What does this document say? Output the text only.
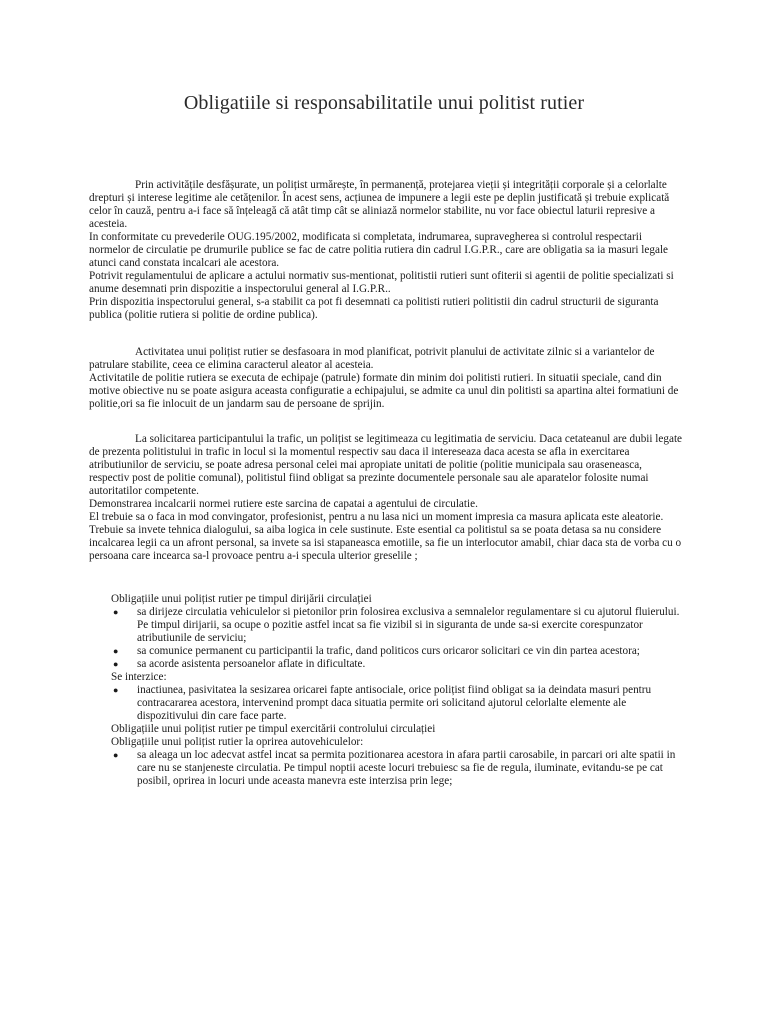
Obligatiile si responsabilitatile unui politist rutier

Prin activitățile desfășurate, un polițist urmărește, în permanență, protejarea vieții și integrității corporale și a celorlalte drepturi și interese legitime ale cetățenilor. În acest sens, acțiunea de impunere a legii este pe deplin justificată și trebuie explicată celor în cauză, pentru a-i face să înțeleagă că atât timp cât se aliniază normelor stabilite, nu vor face obiectul laturii represive a acesteia.

In conformitate cu prevederile OUG.195/2002, modificata si completata, indrumarea, supravegherea si controlul respectarii normelor de circulatie pe drumurile publice se fac de catre politia rutiera din cadrul I.G.P.R., care are obligatia sa ia masuri legale atunci cand constata incalcari ale acestora.

Potrivit regulamentului de aplicare a actului normativ sus-mentionat, politistii rutieri sunt ofiterii si agentii de politie specializati si anume desemnati prin dispozitie a inspectorului general al I.G.P.R..

Prin dispozitia inspectorului general, s-a stabilit ca pot fi desemnati ca politisti rutieri politistii din cadrul structurii de siguranta publica (politie rutiera si politie de ordine publica).

Activitatea unui polițist rutier se desfasoara in mod planificat, potrivit planului de activitate zilnic si a variantelor de patrulare stabilite, ceea ce elimina caracterul aleator al acesteia.

Activitatile de politie rutiera se executa de echipaje (patrule) formate din minim doi politisti rutieri. In situatii speciale, cand din motive obiective nu se poate asigura aceasta configuratie a echipajului, se admite ca unul din politisti sa apartina altei formatiuni de politie,ori sa fie inlocuit de un jandarm sau de persoane de sprijin.

La solicitarea participantului la trafic, un polițist se legitimeaza cu legitimatia de serviciu. Daca cetateanul are dubii legate de prezenta politistului in trafic in locul si la momentul respectiv sau daca il intereseaza daca acesta se afla in exercitarea atributiunilor de serviciu, se poate adresa personal celei mai apropiate unitati de politie (politie municipala sau oraseneasca, respectiv post de politie comunal), politistul fiind obligat sa prezinte documentele personale sau ale aparatelor folosite numai autoritatilor competente.

Demonstrarea incalcarii normei rutiere este sarcina de capatai a agentului de circulatie.

El trebuie sa o faca in mod convingator, profesionist, pentru a nu lasa nici un moment impresia ca masura aplicata este aleatorie. Trebuie sa invete tehnica dialogului, sa aiba logica in cele sustinute. Este esential ca politistul sa se poata detasa sa nu considere incalcarea legii ca un afront personal, sa invete sa isi stapaneasca emotiile, sa fie un interlocutor amabil, chiar daca sta de vorba cu o persoana care incearca sa-l provoace pentru a-i specula ulterior greselile ;

Obligațiile unui polițist rutier pe timpul dirijării circulației

● sa dirijeze circulatia vehiculelor si pietonilor prin folosirea exclusiva a semnalelor regulamentare si cu ajutorul fluierului. Pe timpul dirijarii, sa ocupe o pozitie astfel incat sa fie vizibil si in siguranta de unde sa-si exercite corespunzator atributiunile de serviciu;
● sa comunice permanent cu participantii la trafic, dand politicos curs oricaror solicitari ce vin din partea acestora;
● sa acorde asistenta persoanelor aflate in dificultate.

Se interzice:

● inactiunea, pasivitatea la sesizarea oricarei fapte antisociale, orice polițist fiind obligat sa ia deindata masuri pentru contracararea acestora, intervenind prompt daca situatia permite ori solicitand ajutorul celorlalte elemente ale dispozitivului din care face parte.

Obligațiile unui polițist rutier pe timpul exercitării controlului circulației

Obligațiile unui polițist rutier la oprirea autovehiculelor:

● sa aleaga un loc adecvat astfel incat sa permita pozitionarea acestora in afara partii carosabile, in parcari ori alte spatii in care nu se stanjeneste circulatia. Pe timpul noptii aceste locuri trebuiesc sa fie de regula, iluminate, evitandu-se pe cat posibil, oprirea in locuri unde aceasta manevra este interzisa prin lege;
